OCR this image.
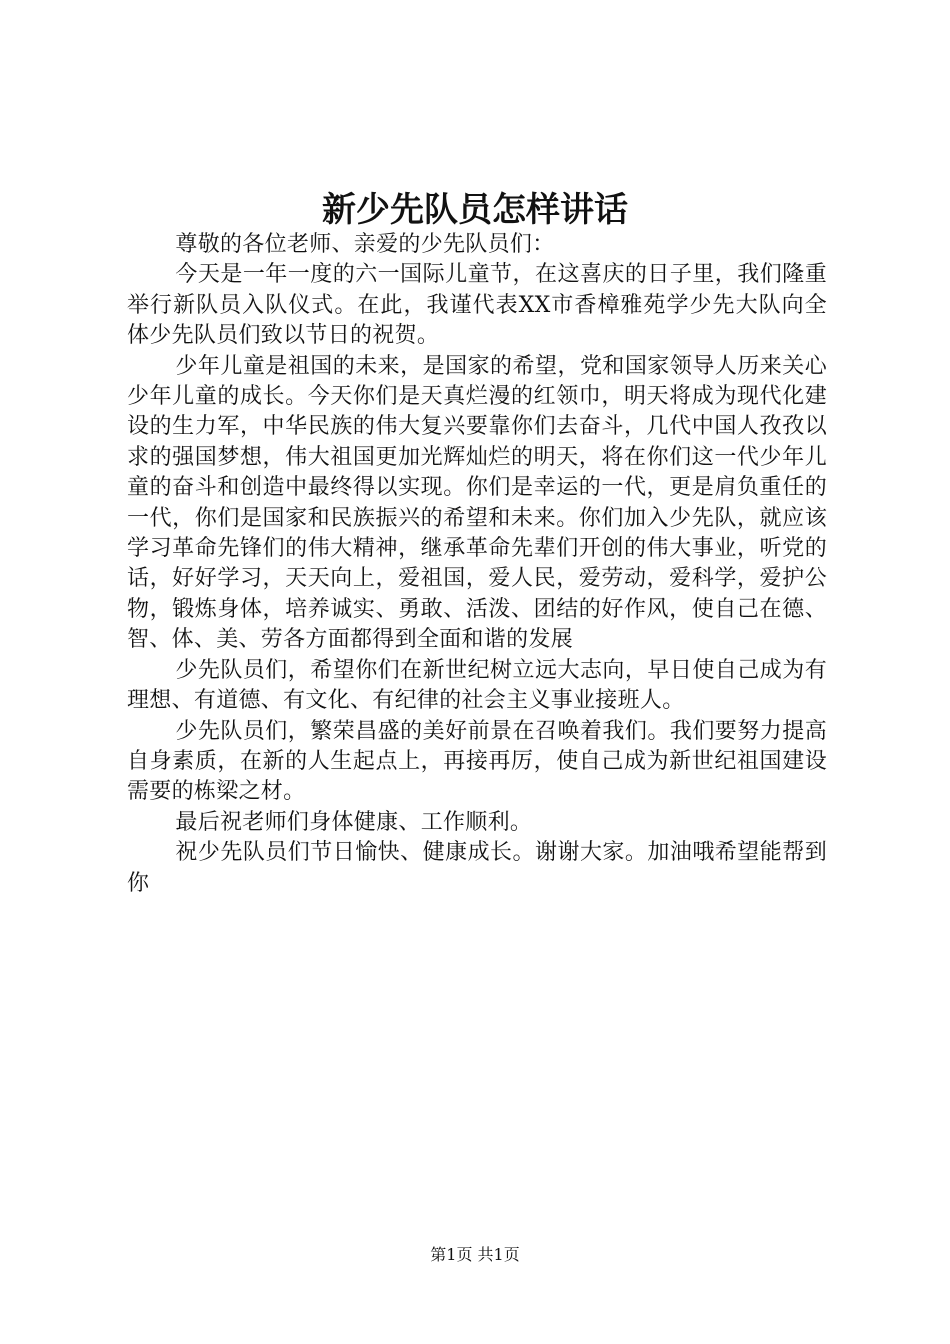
新少先队员怎样讲话

尊敬的各位老师、亲爱的少先队员们：

今天是一年一度的六一国际儿童节，在这喜庆的日子里，我们隆重举行新队员入队仪式。在此，我谨代表XX市香樟雅苑学少先大队向全体少先队员们致以节日的祝贺。

少年儿童是祖国的未来，是国家的希望，党和国家领导人历来关心少年儿童的成长。今天你们是天真烂漫的红领巾，明天将成为现代化建设的生力军，中华民族的伟大复兴要靠你们去奋斗，几代中国人孜孜以求的强国梦想，伟大祖国更加光辉灿烂的明天，将在你们这一代少年儿童的奋斗和创造中最终得以实现。你们是幸运的一代，更是肩负重任的一代，你们是国家和民族振兴的希望和未来。你们加入少先队，就应该学习革命先锋们的伟大精神，继承革命先辈们开创的伟大事业，听党的话，好好学习，天天向上，爱祖国，爱人民，爱劳动，爱科学，爱护公物，锻炼身体，培养诚实、勇敢、活泼、团结的好作风，使自己在德、智、体、美、劳各方面都得到全面和谐的发展

少先队员们，希望你们在新世纪树立远大志向，早日使自己成为有理想、有道德、有文化、有纪律的社会主义事业接班人。

少先队员们，繁荣昌盛的美好前景在召唤着我们。我们要努力提高自身素质，在新的人生起点上，再接再厉，使自己成为新世纪祖国建设需要的栋梁之材。

最后祝老师们身体健康、工作顺利。

祝少先队员们节日愉快、健康成长。谢谢大家。加油哦希望能帮到你

第1页 共1页
